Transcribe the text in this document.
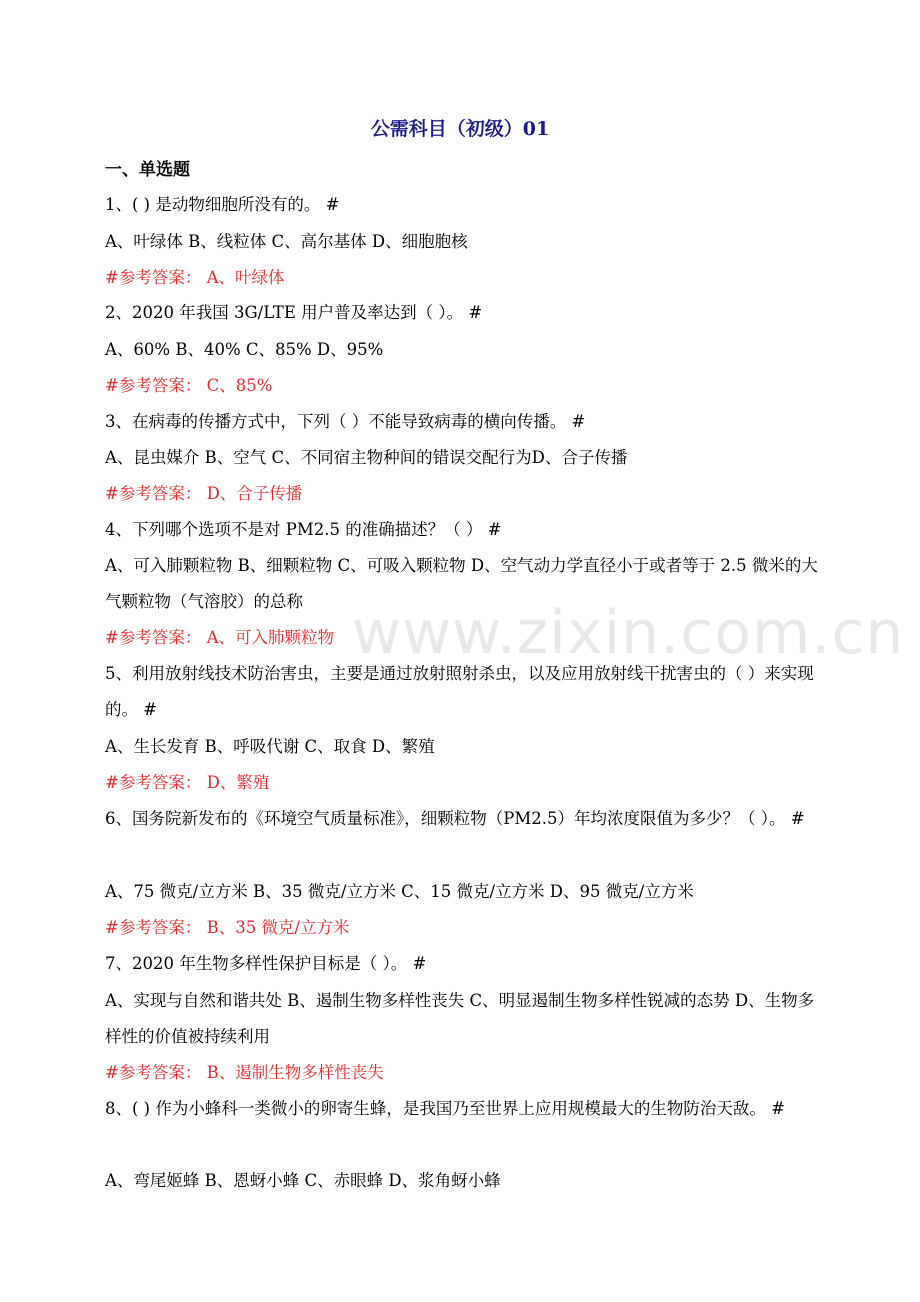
www.zixin.com.cn
公需科目（初级）01
一、单选题
1、( ) 是动物细胞所没有的。 #
A、叶绿体 B、线粒体 C、高尔基体 D、细胞胞核
#参考答案： A、叶绿体
2、2020 年我国 3G/LTE 用户普及率达到（ ）。 #
A、60% B、40% C、85% D、95%
#参考答案： C、85%
3、在病毒的传播方式中，下列（ ）不能导致病毒的横向传播。 #
A、昆虫媒介 B、空气 C、不同宿主物种间的错误交配行为D、合子传播
#参考答案： D、合子传播
4、下列哪个选项不是对 PM2.5 的准确描述？（ ） #
A、可入肺颗粒物 B、细颗粒物 C、可吸入颗粒物 D、空气动力学直径小于或者等于 2.5 微米的大气颗粒物（气溶胶）的总称
#参考答案： A、可入肺颗粒物
5、利用放射线技术防治害虫，主要是通过放射照射杀虫，以及应用放射线干扰害虫的（ ）来实现的。 #
A、生长发育 B、呼吸代谢 C、取食 D、繁殖
#参考答案： D、繁殖
6、国务院新发布的《环境空气质量标准》，细颗粒物（PM2.5）年均浓度限值为多少？（ ）。 #
A、75 微克/立方米 B、35 微克/立方米 C、15 微克/立方米 D、95 微克/立方米
#参考答案： B、35 微克/立方米
7、2020 年生物多样性保护目标是（ ）。 #
A、实现与自然和谐共处 B、遏制生物多样性丧失 C、明显遏制生物多样性锐减的态势 D、生物多样性的价值被持续利用
#参考答案： B、遏制生物多样性丧失
8、( ) 作为小蜂科一类微小的卵寄生蜂，是我国乃至世界上应用规模最大的生物防治天敌。 #
A、弯尾姬蜂 B、恩蚜小蜂 C、赤眼蜂 D、浆角蚜小蜂
